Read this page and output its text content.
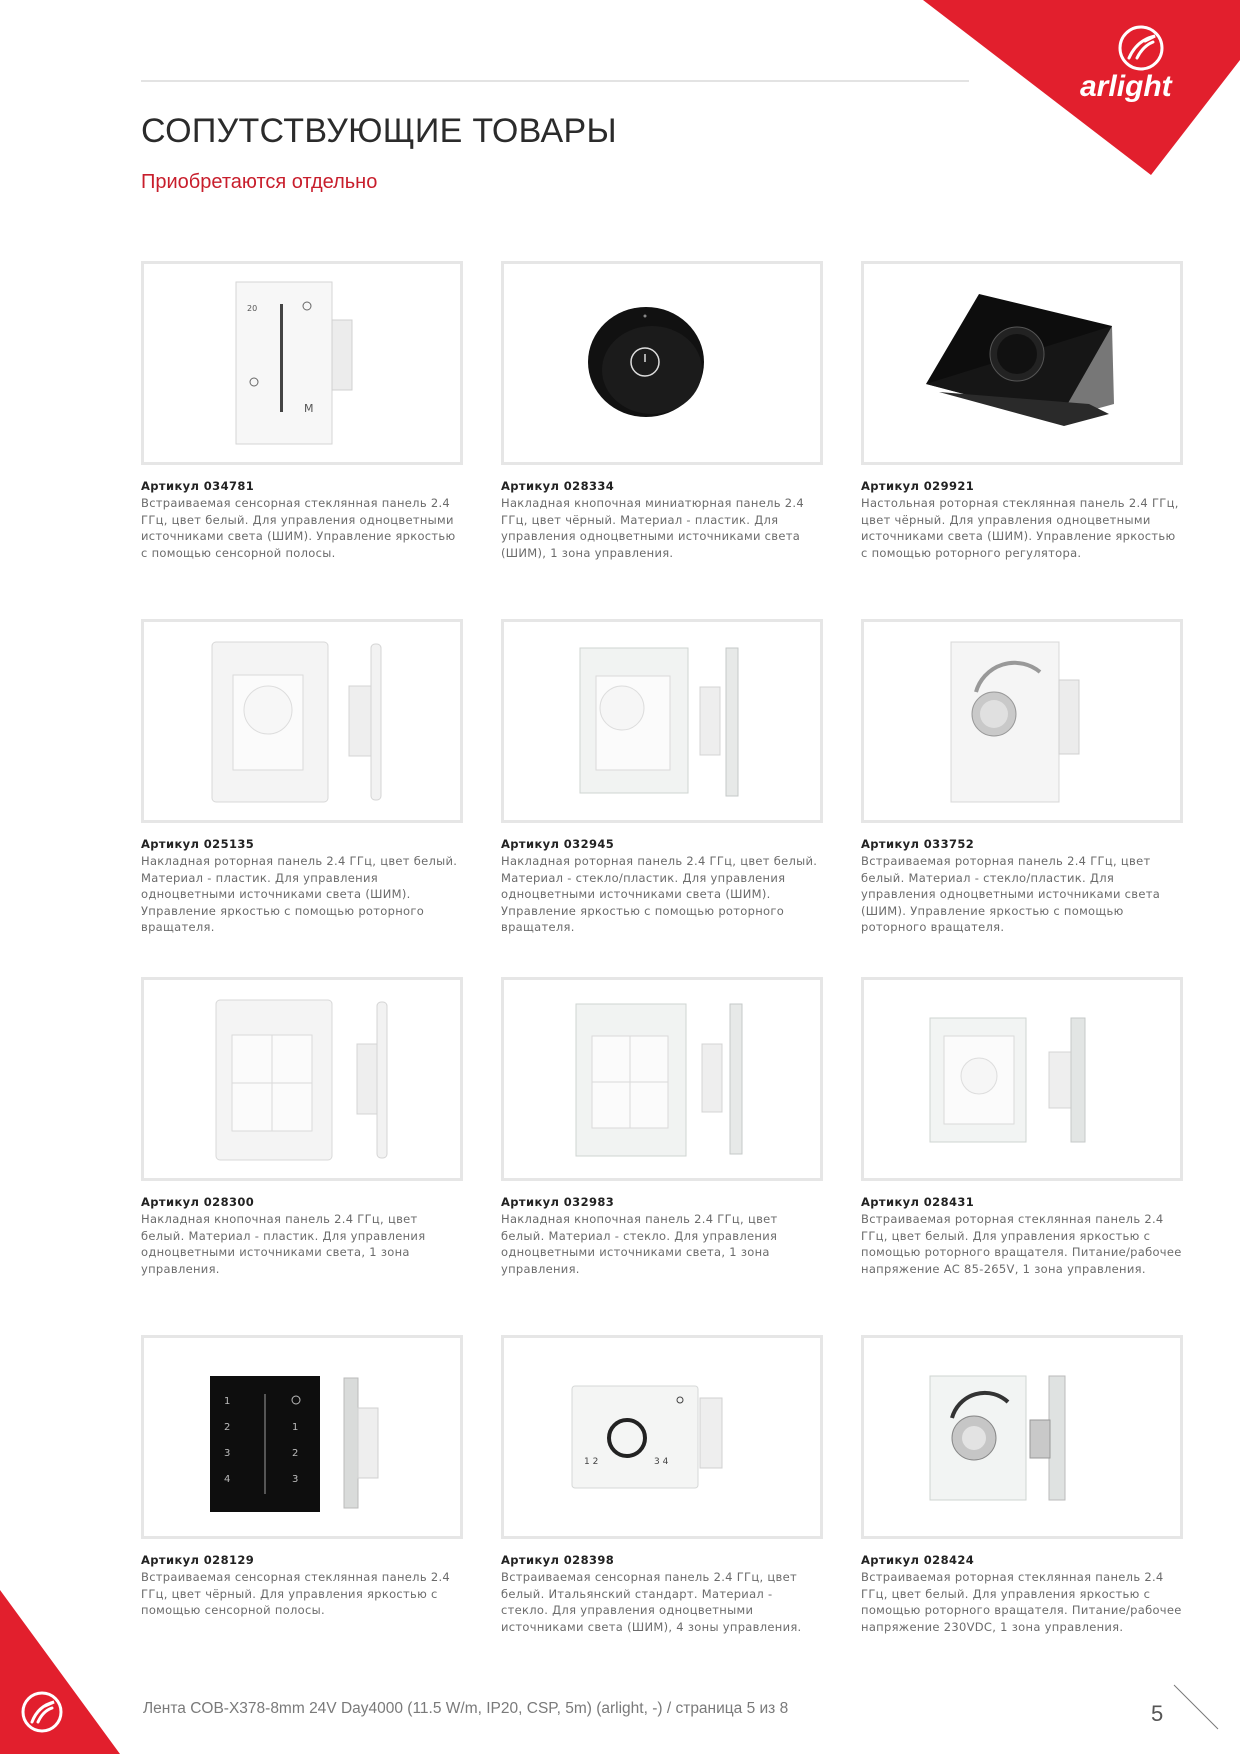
arlight
СОПУТСТВУЮЩИЕ ТОВАРЫ
Приобретаются отдельно
20
M
Артикул 034781
Встраиваемая сенсорная стеклянная панель 2.4 ГГц, цвет белый. Для управления одноцветными источниками света (ШИМ). Управление яркостью с помощью сенсорной полосы.
Артикул 028334
Накладная кнопочная миниатюрная панель 2.4 ГГц, цвет чёрный. Материал - пластик. Для управления одноцветными источниками света (ШИМ), 1 зона управления.
Артикул 029921
Настольная роторная стеклянная панель 2.4 ГГц, цвет чёрный. Для управления одноцветными источниками света (ШИМ). Управление яркостью с помощью роторного регулятора.
Артикул 025135
Накладная роторная панель 2.4 ГГц, цвет белый. Материал - пластик. Для управления одноцветными источниками света (ШИМ). Управление яркостью с помощью роторного вращателя.
Артикул 032945
Накладная роторная панель 2.4 ГГц, цвет белый. Материал - стекло/пластик. Для управления одноцветными источниками света (ШИМ). Управление яркостью с помощью роторного вращателя.
Артикул 033752
Встраиваемая роторная панель 2.4 ГГц, цвет белый. Материал - стекло/пластик. Для управления одноцветными источниками света (ШИМ). Управление яркостью с помощью роторного вращателя.
Артикул 028300
Накладная кнопочная панель 2.4 ГГц, цвет белый. Материал - пластик. Для управления одноцветными источниками света, 1 зона управления.
Артикул 032983
Накладная кнопочная панель 2.4 ГГц, цвет белый. Материал - стекло. Для управления одноцветными источниками света, 1 зона управления.
Артикул 028431
Встраиваемая роторная стеклянная панель 2.4 ГГц, цвет белый. Для управления яркостью с помощью роторного вращателя. Питание/рабочее напряжение AC 85-265V, 1 зона управления.
1
2
3
4
1
2
3
Артикул 028129
Встраиваемая сенсорная стеклянная панель 2.4 ГГц, цвет чёрный. Для управления яркостью с помощью сенсорной полосы.
1 2	3 4
Артикул 028398
Встраиваемая сенсорная панель 2.4 ГГц, цвет белый. Итальянский стандарт. Материал - стекло. Для управления одноцветными источниками света (ШИМ), 4 зоны управления.
Артикул 028424
Встраиваемая роторная стеклянная панель 2.4 ГГц, цвет белый. Для управления яркостью с помощью роторного вращателя. Питание/рабочее напряжение 230VDC, 1 зона управления.
Лента COB-X378-8mm 24V Day4000 (11.5 W/m, IP20, CSP, 5m) (arlight, -) / страница 5 из 8	5
